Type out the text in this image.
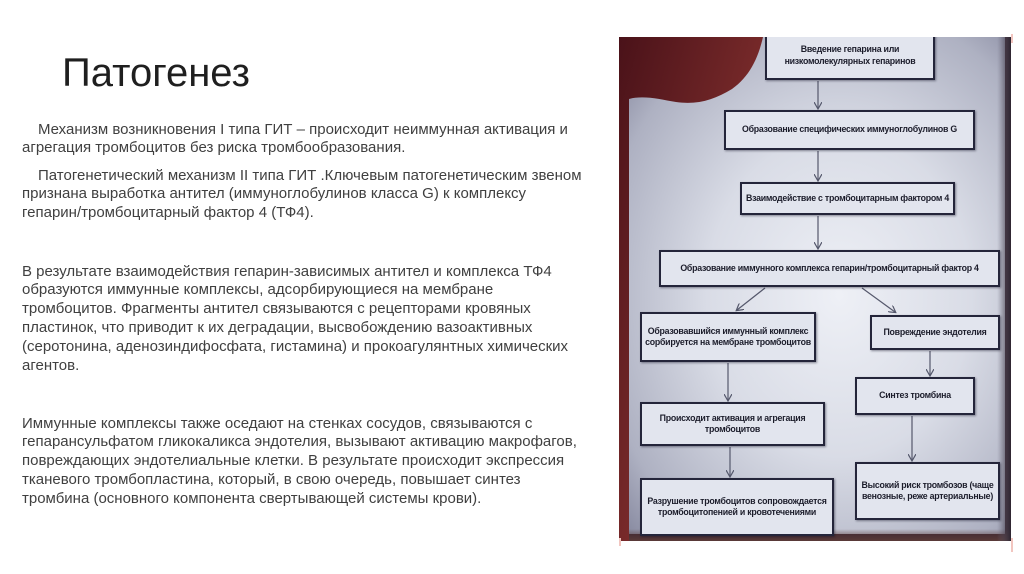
Патогенез
Механизм возникновения I типа ГИТ – происходит неиммунная активация и
агрегация тромбоцитов без риска тромбообразования.
Патогенетический механизм II типа ГИТ .Ключевым патогенетическим звеном
признана выработка антител (иммуноглобулинов класса G) к комплексу
гепарин/тромбоцитарный фактор 4 (ТФ4).
В результате взаимодействия гепарин-зависимых антител и комплекса ТФ4
образуются иммунные комплексы, адсорбирующиеся на мембране
тромбоцитов. Фрагменты антител связываются с рецепторами кровяных
пластинок, что приводит к их деградации, высвобождению вазоактивных
(серотонина, аденозиндифосфата, гистамина) и прокоагулянтных химических
агентов.
Иммунные комплексы также оседают на стенках сосудов, связываются с
гепарансульфатом гликокаликса эндотелия, вызывают активацию макрофагов,
повреждающих эндотелиальные клетки. В результате происходит экспрессия
тканевого тромбопластина, который, в свою очередь, повышает синтез
тромбина (основного компонента свертывающей системы крови).
Введение гепарина или
низкомолекулярных гепаринов
Образование специфических иммуноглобулинов G
Взаимодействие с тромбоцитарным фактором 4
Образование иммунного комплекса гепарин/тромбоцитарный фактор 4
Образовавшийся иммунный комплекс
сорбируется на мембране тромбоцитов
Повреждение эндотелия
Синтез тромбина
Происходит активация и агрегация
тромбоцитов
Высокий риск тромбозов (чаще
венозные, реже артериальные)
Разрушение тромбоцитов сопровождается
тромбоцитопенией и кровотечениями
